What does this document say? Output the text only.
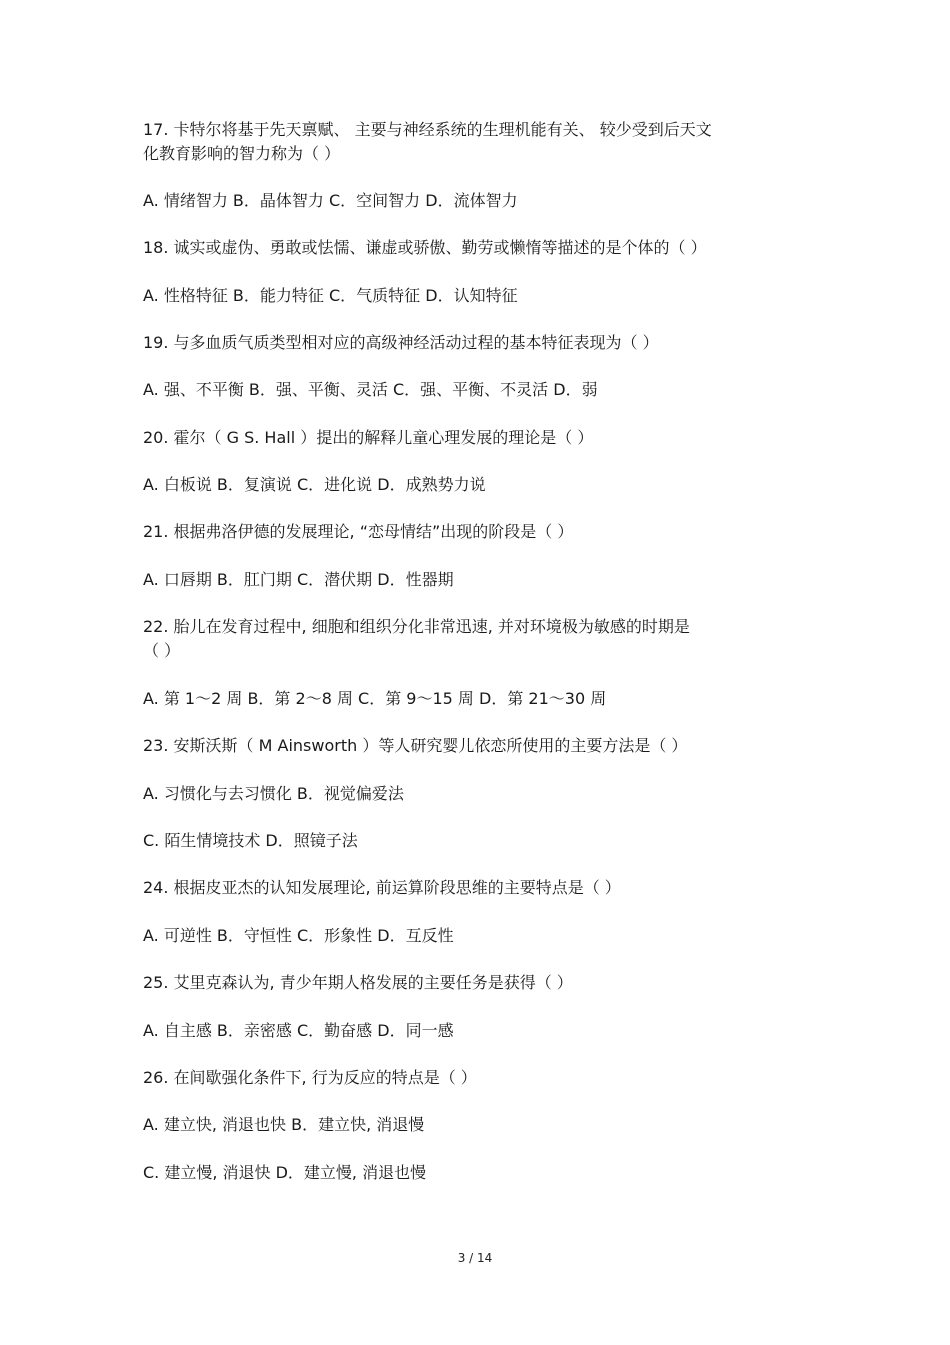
17. 卡特尔将基于先天禀赋、 主要与神经系统的生理机能有关、 较少受到后天文
化教育影响的智力称为（ ）
A. 情绪智力 B．晶体智力 C．空间智力 D．流体智力
18. 诚实或虚伪、勇敢或怯懦、谦虚或骄傲、勤劳或懒惰等描述的是个体的（ ）
A. 性格特征 B．能力特征 C．气质特征 D．认知特征
19. 与多血质气质类型相对应的高级神经活动过程的基本特征表现为（ ）
A. 强、不平衡 B．强、平衡、灵活 C．强、平衡、不灵活 D．弱
20. 霍尔（ G S. Hall ）提出的解释儿童心理发展的理论是（ ）
A. 白板说 B．复演说 C．进化说 D．成熟势力说
21. 根据弗洛伊德的发展理论, “恋母情结”出现的阶段是（ ）
A. 口唇期 B．肛门期 C．潜伏期 D．性器期
22. 胎儿在发育过程中, 细胞和组织分化非常迅速, 并对环境极为敏感的时期是
（ ）
A. 第 1～2 周 B．第 2～8 周 C．第 9～15 周 D．第 21～30 周
23. 安斯沃斯（ M Ainsworth ）等人研究婴儿依恋所使用的主要方法是（ ）
A. 习惯化与去习惯化 B．视觉偏爱法
C. 陌生情境技术 D．照镜子法
24. 根据皮亚杰的认知发展理论, 前运算阶段思维的主要特点是（ ）
A. 可逆性 B．守恒性 C．形象性 D．互反性
25. 艾里克森认为, 青少年期人格发展的主要任务是获得（ ）
A. 自主感 B．亲密感 C．勤奋感 D．同一感
26. 在间歇强化条件下, 行为反应的特点是（ ）
A. 建立快, 消退也快 B．建立快, 消退慢
C. 建立慢, 消退快 D．建立慢, 消退也慢
3 / 14
